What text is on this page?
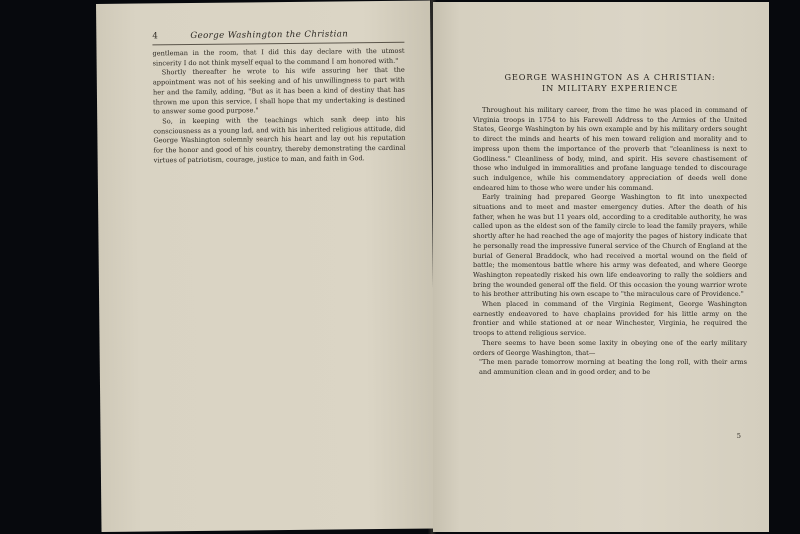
4	George Washington the Christian

gentleman in the room, that I did this day declare with the utmost sincerity I do not think myself equal to the command I am honored with."

Shortly thereafter he wrote to his wife assuring her that the appointment was not of his seeking and of his unwillingness to part with her and the family, adding, "But as it has been a kind of destiny that has thrown me upon this service, I shall hope that my undertaking is destined to answer some good purpose."

So, in keeping with the teachings which sank deep into his consciousness as a young lad, and with his inherited religious attitude, did George Washington solemnly search his heart and lay out his reputation for the honor and good of his country, thereby demonstrating the cardinal virtues of patriotism, courage, justice to man, and faith in God.

GEORGE WASHINGTON AS A CHRISTIAN:
IN MILITARY EXPERIENCE

Throughout his military career, from the time he was placed in command of Virginia troops in 1754 to his Farewell Address to the Armies of the United States, George Washington by his own example and by his military orders sought to direct the minds and hearts of his men toward religion and morality and to impress upon them the importance of the proverb that "cleanliness is next to Godliness." Cleanliness of body, mind, and spirit. His severe chastisement of those who indulged in immoralities and profane language tended to discourage such indulgence, while his commendatory appreciation of deeds well done endeared him to those who were under his command.

Early training had prepared George Washington to fit into unexpected situations and to meet and master emergency duties. After the death of his father, when he was but 11 years old, according to a creditable authority, he was called upon as the eldest son of the family circle to lead the family prayers, while shortly after he had reached the age of majority the pages of history indicate that he personally read the impressive funeral service of the Church of England at the burial of General Braddock, who had received a mortal wound on the field of battle; the momentous battle where his army was defeated, and where George Washington repeatedly risked his own life endeavoring to rally the soldiers and bring the wounded general off the field. Of this occasion the young warrior wrote to his brother attributing his own escape to "the miraculous care of Providence."

When placed in command of the Virginia Regiment, George Washington earnestly endeavored to have chaplains provided for his little army on the frontier and while stationed at or near Winchester, Virginia, he required the troops to attend religious service.

There seems to have been some laxity in obeying one of the early military orders of George Washington, that—

"The men parade tomorrow morning at beating the long roll, with their arms and ammunition clean and in good order, and to be

5
